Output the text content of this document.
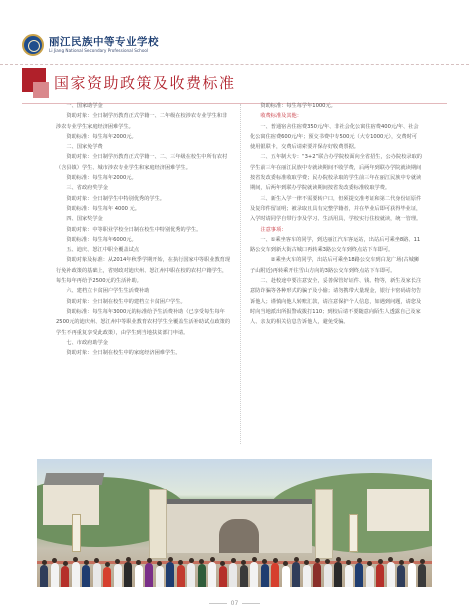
丽江民族中等专业学校
Li Jiang National Secondary Professional School
国家资助政策及收费标准

一、国家助学金

资助对象：全日制学历教育正式学籍一、二年级在校涉农专业学生和非涉农专业学生家庭经济困难学生。

资助标准：每生每年2000元。

二、国家免学费

资助对象：全日制学历教育正式学籍一、二、三年级在校生中所有农村（含县镇）学生、城市涉农专业学生和家庭经济困难学生。

资助标准：每生每年2000元。

三、省政府奖学金

资助对象：全日制学生中特别优秀的学生。

资助标准：每生每年 4000 元。

四、国家奖学金

资助对象：中等职业学校全日制在校生中特别优秀的学生。

资助标准：每生每年6000元。

五、迪庆、怒江中职全覆盖试点

资助对象及标准：从2014年秋季学期开始，在执行国家中等职业教育现行免补政策的基础上，省财政对迪庆州、怒江州中职在校的农村户籍学生，每生每年再给予2500元的生活补助。

六、建档立卡贫困户学生生活费补助

资助对象：全日制在校生中的建档立卡贫困户学生。

资助标准：每生每年3000元的标准给予生活费补助（已享受每生每年2500元的迪庆州、怒江州中等职业教育农村学生全覆盖生活补助试点政策的学生不再重复享受此政策），由学生到当地扶贫部门申请。

七、市政府助学金

资助对象：全日制在校生中的家庭经济困难学生。

资助标准：每生每学年1000元。

收费标准及其他：

一、普通宿舍住宿费350元/年、非社会化公寓住宿费400元/年、社会化公寓住宿费600元/年；预交书费中专500元（大专1000元），交费时可使用银联卡，交费后请索要并保存好收费票据。

二、五年制大专：“3+2”联合办学院校面向全省招生，公办院校录取的学生前三年在丽江民族中专就读期间不收学费，后两年到联办学院就读期间按省发改委标准收取学费；民办院校录取的学生前三年在丽江民族中专就读期间，后两年到联办学院就读期间按省发改委标准收取学费。

三、新生入学一律不需要转户口，但须提交准考证和第二代身份证原件及复印件留证明；被录取且具有完整学籍者，并在毕业后即可获得毕业证，入学时请同学自带行李及学习、生活用具，学校实行住校就读，统一管理。

注意事项：

一、①乘坐客车的同学，到达丽江汽车客运站，出站后可乘坐8路、11路公交车到新大街古城口再转乘3路公交车到终点站下车即可。

②乘坐火车的同学，出站后可乘坐18路公交车到白龙广场(古城狮子山附近)再转乘开往雪山方向的3路公交车到终点站下车即可。

二、赴校途中要注意安全，妥善保管好证件、钱、物等，新生及家长注意防诈骗等各种形式的骗子及小偷；请勿携带大量现金，银行卡密码请勿告诉他人；谨慎向他人转账汇款，请注意保护个人信息，如遇到问题，请您及时向当地派出所报警或拨打110；到校后请不要随意向陌生人透露自己及家人、亲友的相关信息告诉他人，避免受骗。

07
